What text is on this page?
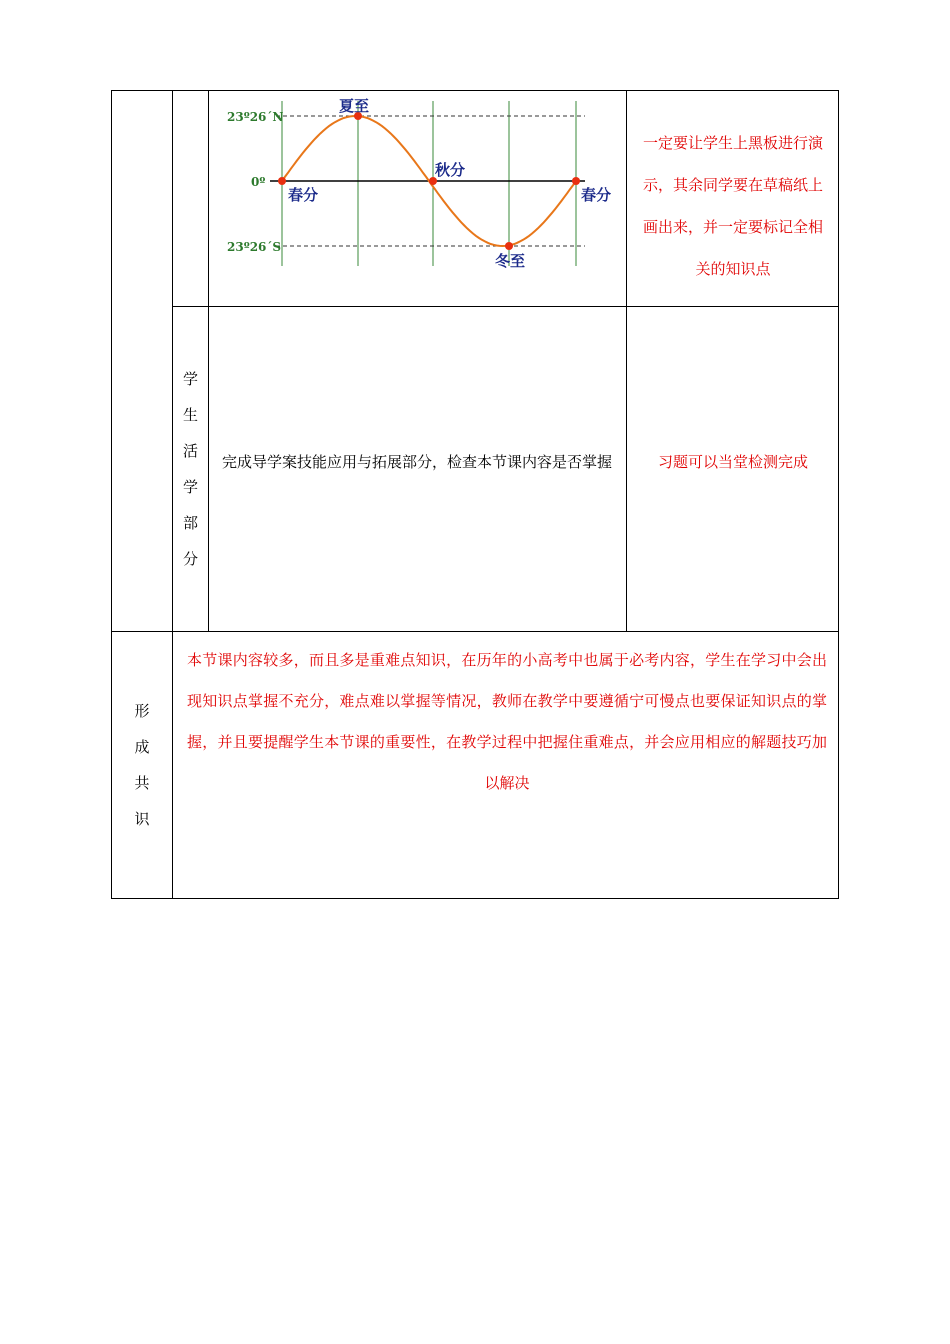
23º26´N
0º
23º26´S
春分
夏至
秋分
冬至
春分
一定要让学生上黑板进行演示，其余同学要在草稿纸上画出来，并一定要标记全相关的知识点
学
生
活
学
部
分
完成导学案技能应用与拓展部分，检查本节课内容是否掌握	习题可以当堂检测完成
形
成
共
识
本节课内容较多，而且多是重难点知识，在历年的小高考中也属于必考内容，学生在学习中会出现知识点掌握不充分，难点难以掌握等情况，教师在教学中要遵循宁可慢点也要保证知识点的掌握，并且要提醒学生本节课的重要性，在教学过程中把握住重难点，并会应用相应的解题技巧加以解决
